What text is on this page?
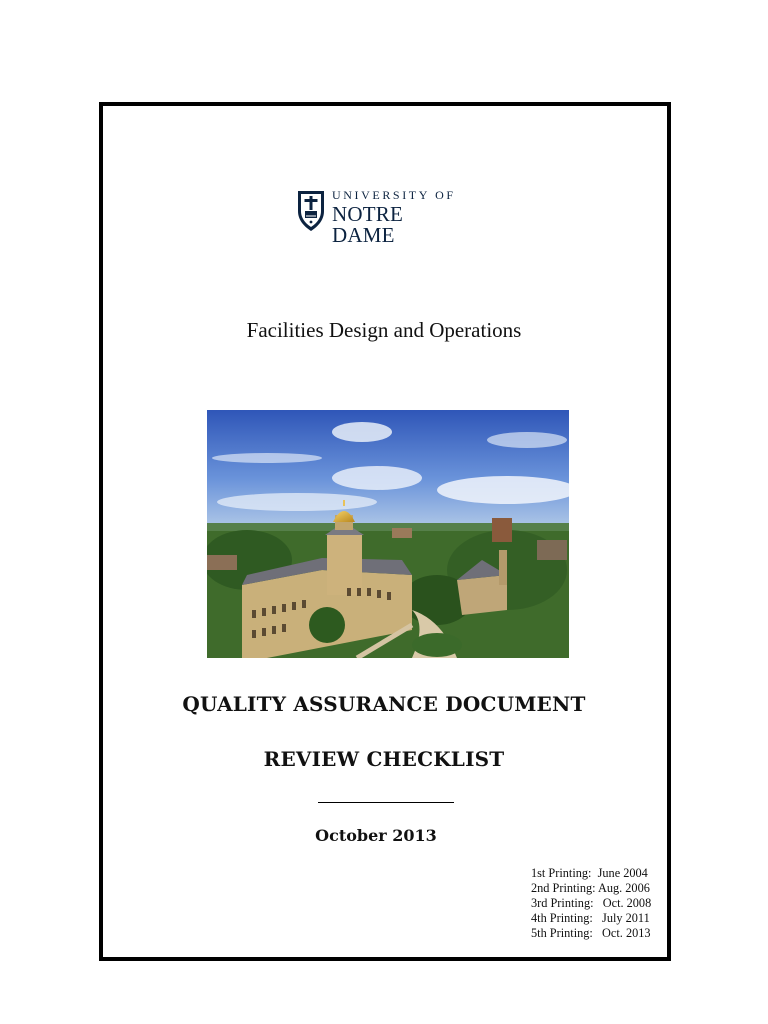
UNIVERSITY OF
NOTRE DAME
Facilities Design and Operations
QUALITY ASSURANCE DOCUMENT
REVIEW CHECKLIST
October 2013
1st Printing:  June 2004
2nd Printing: Aug. 2006
3rd Printing:   Oct. 2008
4th Printing:   July 2011
5th Printing:   Oct. 2013
